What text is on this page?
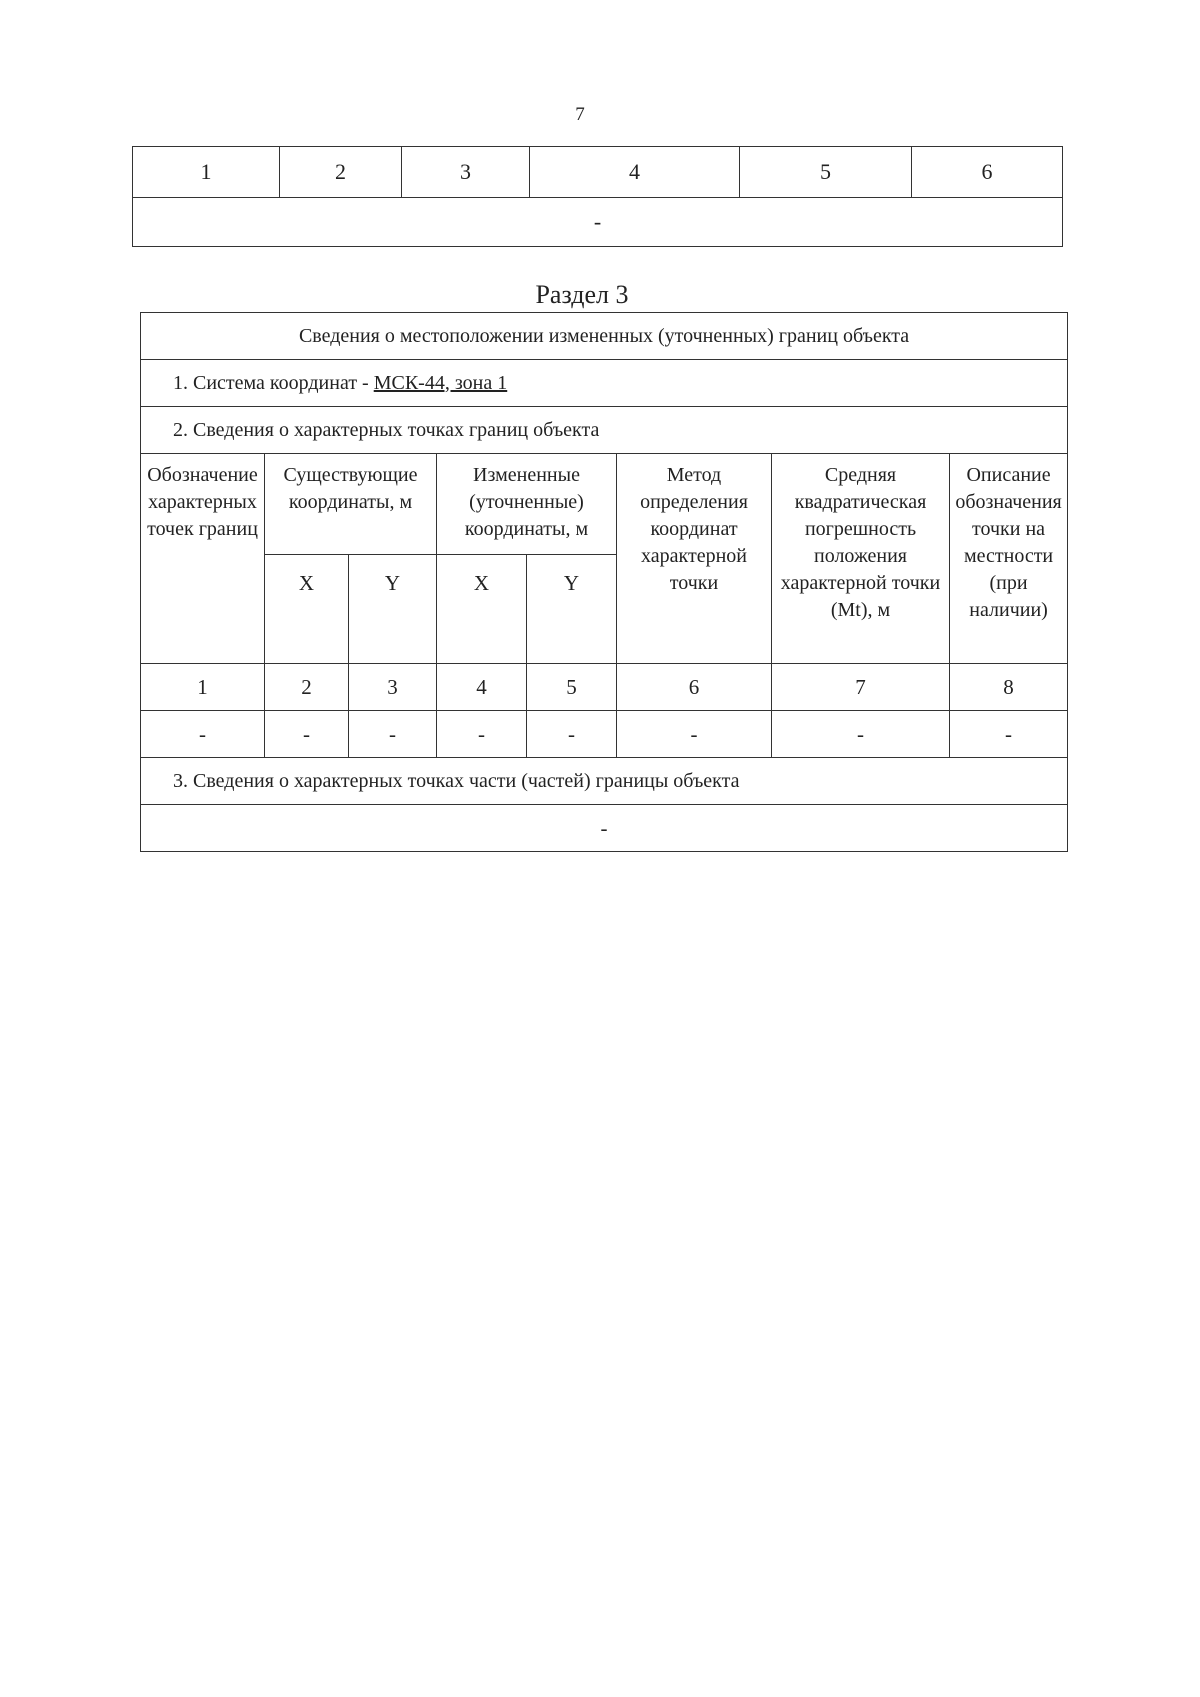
7
1	2	3	4	5	6
-
Раздел 3
Сведения о местоположении измененных (уточненных) границ объекта							
1. Система координат - МСК-44, зона 1							
2. Сведения о характерных точках границ объекта							
Обозначение характерных точек границ	Существующие координаты, м		Измененные (уточненные) координаты, м		Метод определения координат характерной точки	Средняя квадратическая погрешность положения характерной точки (Mt), м	Описание обозначения точки на местности (при наличии)
	X	Y	X	Y			
1	2	3	4	5	6	7	8
-	-	-	-	-	-	-	-
3. Сведения о характерных точках части (частей) границы объекта							
-							
